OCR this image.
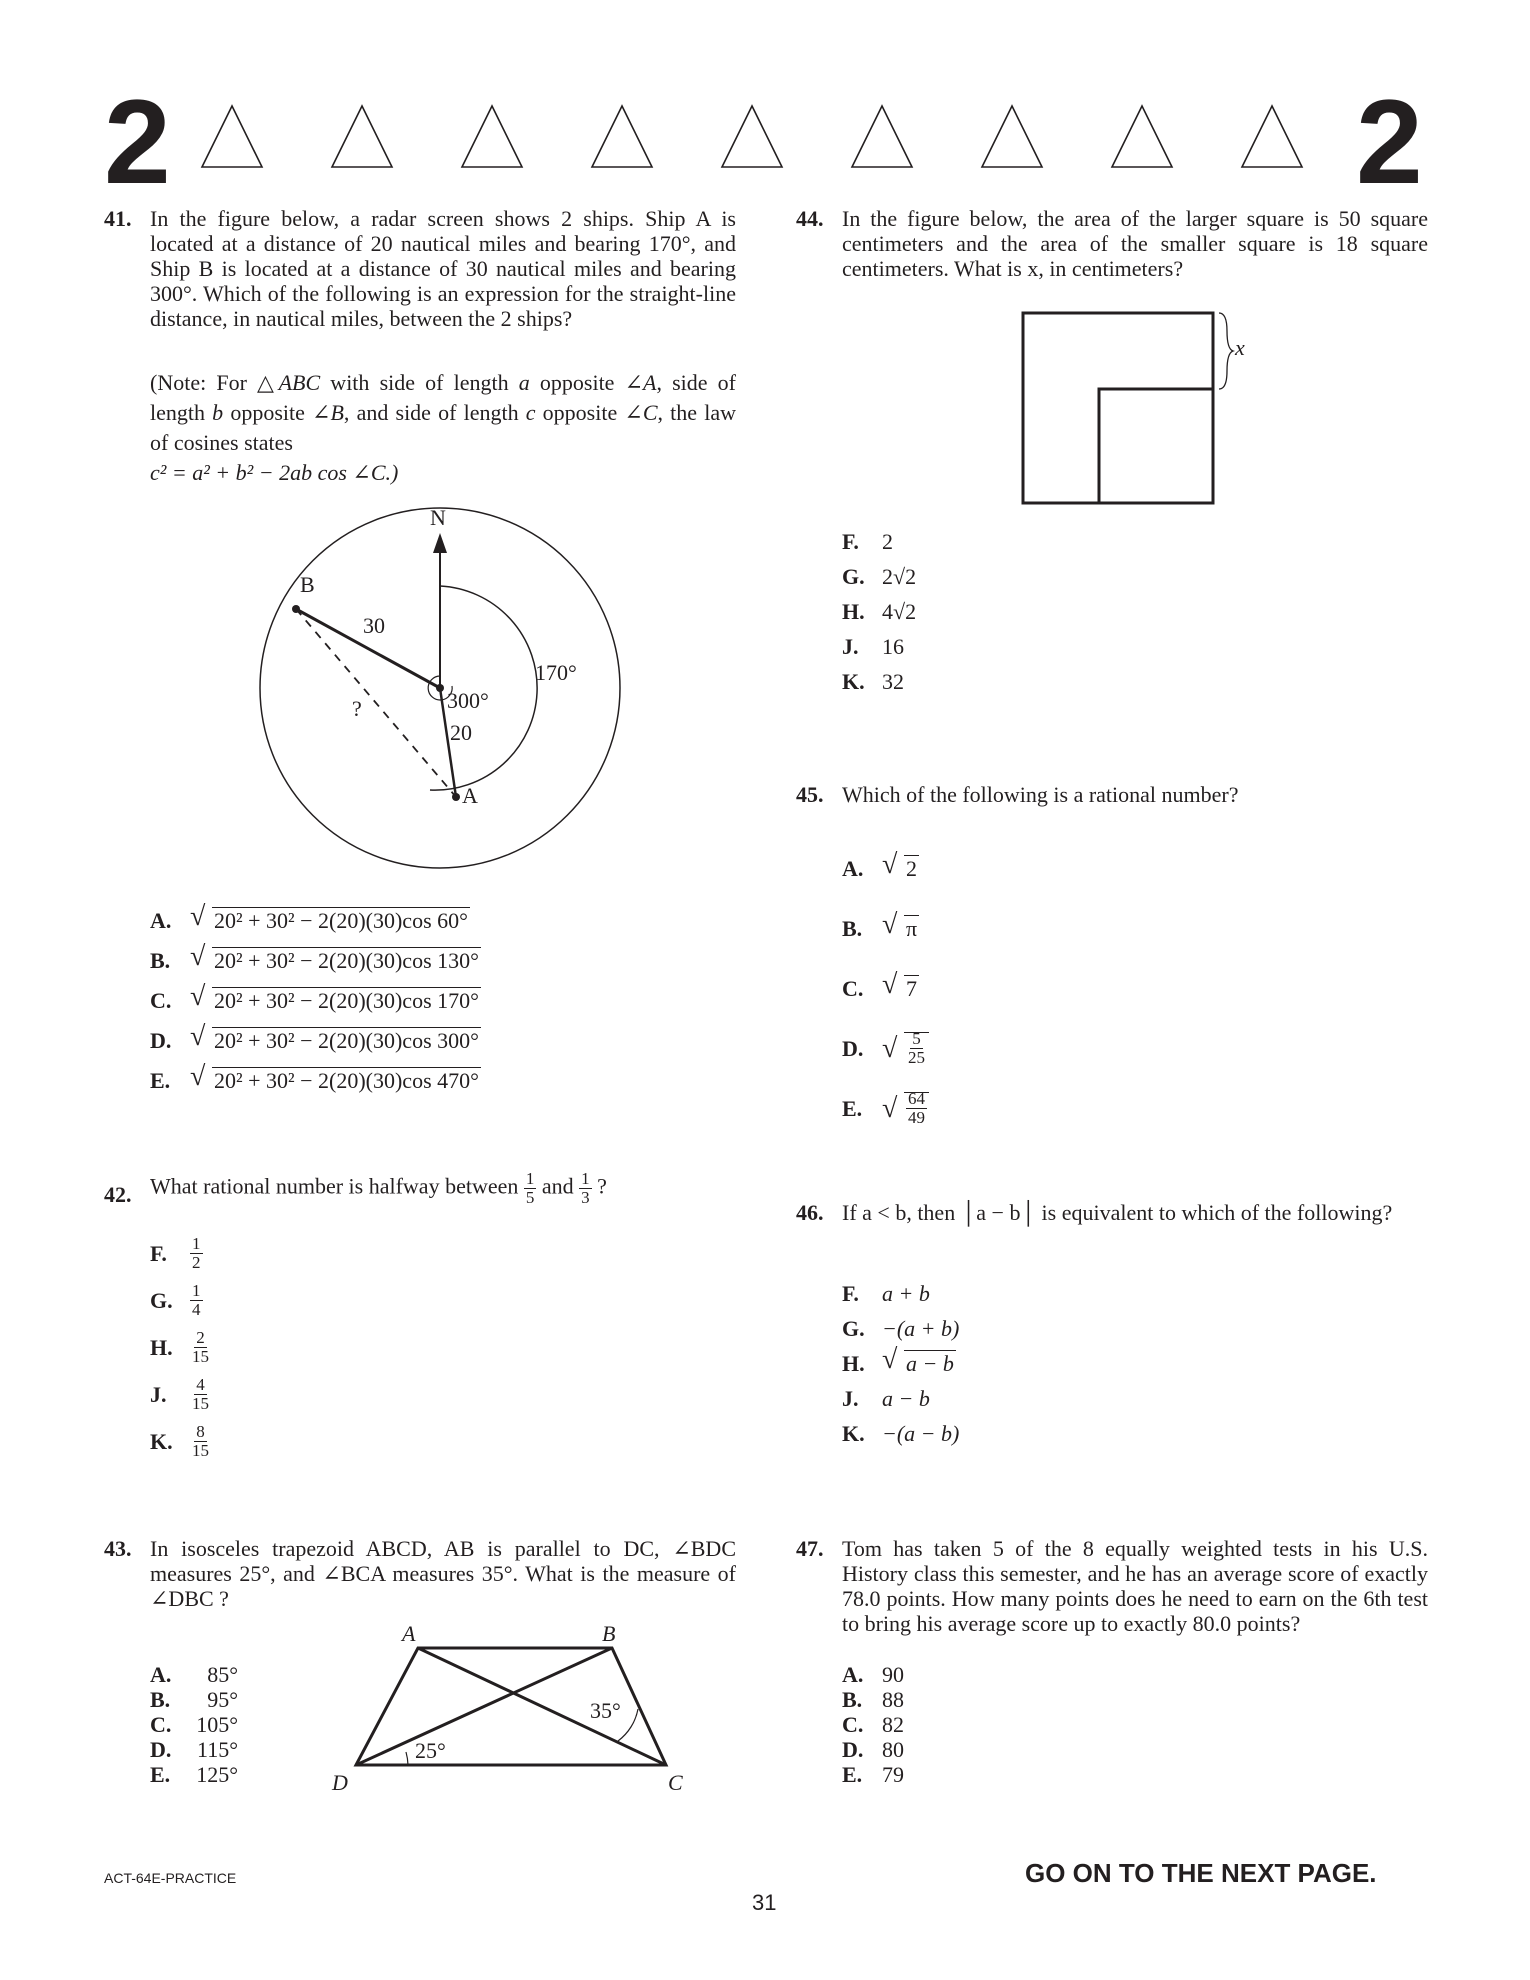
2	2
41. In the figure below, a radar screen shows 2 ships. Ship A is located at a distance of 20 nautical miles and bearing 170°, and Ship B is located at a distance of 30 nautical miles and bearing 300°. Which of the following is an expression for the straight-line distance, in nautical miles, between the 2 ships?
(Note: For △ABC with side of length a opposite ∠A, side of length b opposite ∠B, and side of length c opposite ∠C, the law of cosines states
c² = a² + b² − 2ab cos ∠C.)
N
B
A
30
20
?
170°
300°
A. √ 20² + 30² − 2(20)(30)cos 60°
B. √ 20² + 30² − 2(20)(30)cos 130°
C. √ 20² + 30² − 2(20)(30)cos 170°
D. √ 20² + 30² − 2(20)(30)cos 300°
E. √ 20² + 30² − 2(20)(30)cos 470°
42. What rational number is halfway between $\frac{1}{5}$ and $\frac{1}{3}$ ?
F.	$\frac{1}{2}$
G.	$\frac{1}{4}$
H.	$\frac{2}{15}$
J.	$\frac{4}{15}$
K.	$\frac{8}{15}$
43. In isosceles trapezoid ABCD, AB is parallel to DC, ∠BDC measures 25°, and ∠BCA measures 35°. What is the measure of ∠DBC ?
A.	85°
B.	95°
C.	105°
D.	115°
E.	125°
A	B
C
D
35°
25°
44. In the figure below, the area of the larger square is 50 square centimeters and the area of the smaller square is 18 square centimeters. What is x, in centimeters?
x
F.	2
G. 2√2
H. 4√2
J.	16
K. 32
45. Which of the following is a rational number?
A. √ 2
B. √ π
C. √ 7
D. √ $\frac{5}{25}$
E. √ $\frac{64}{49}$
46. If a < b, then │a − b│ is equivalent to which of the following?
F.	a + b
G. −(a + b)
H. √ a − b
J.	a − b
K. −(a − b)
47. Tom has taken 5 of the 8 equally weighted tests in his U.S. History class this semester, and he has an average score of exactly 78.0 points. How many points does he need to earn on the 6th test to bring his average score up to exactly 80.0 points?
A. 90
B. 88
C. 82
D. 80
E. 79
ACT-64E-PRACTICE	GO ON TO THE NEXT PAGE.
31
